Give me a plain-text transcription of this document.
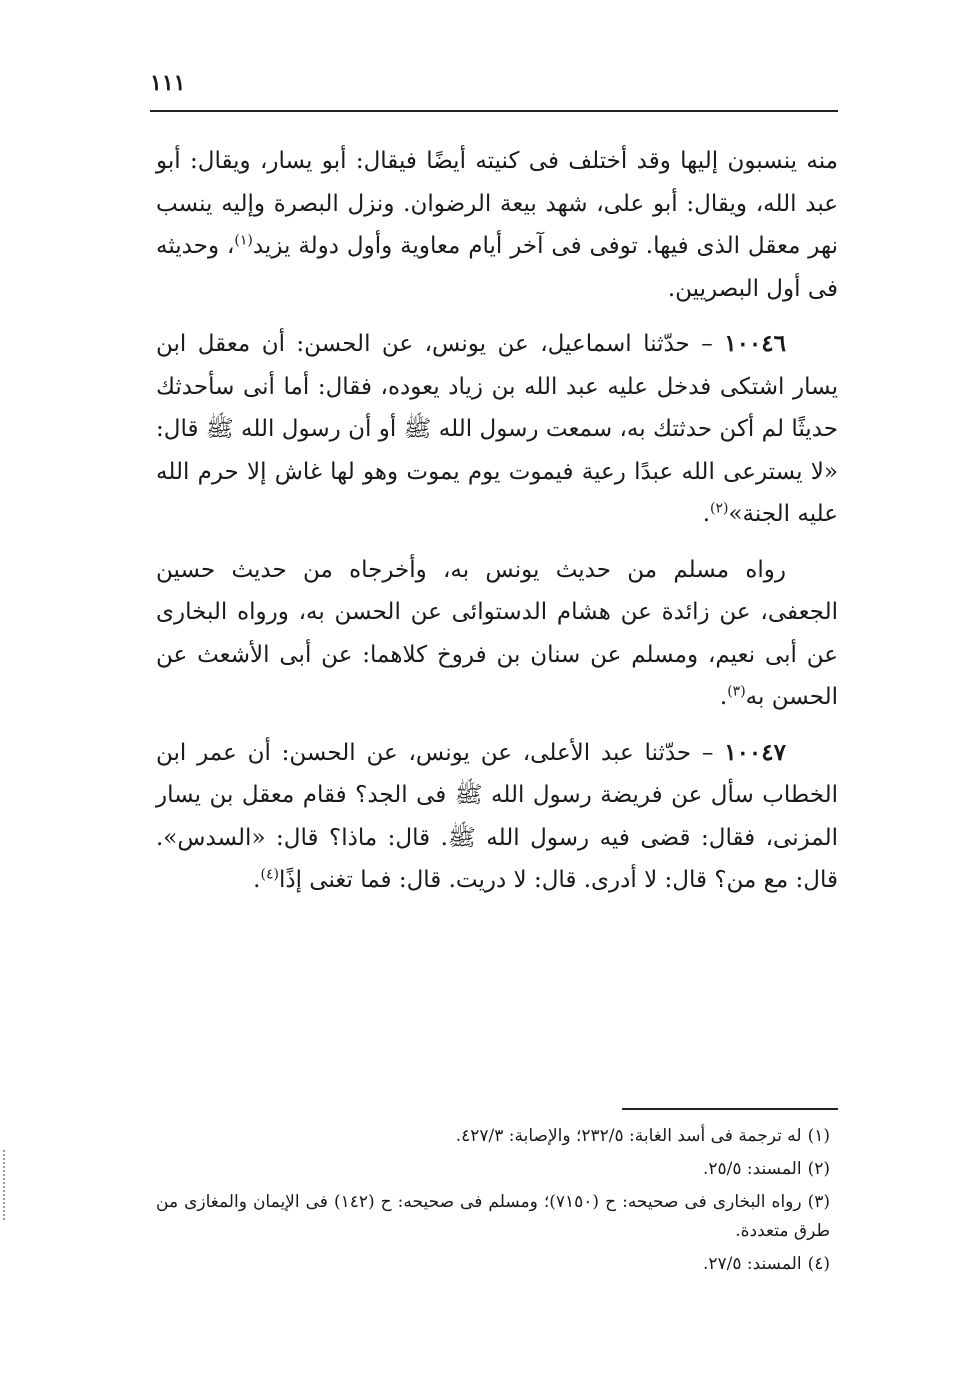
١١١

منه ينسبون إليها وقد أختلف فى كنيته أيضًا فيقال: أبو يسار، ويقال: أبو عبد الله، ويقال: أبو على، شهد بيعة الرضوان. ونزل البصرة وإليه ينسب نهر معقل الذى فيها. توفى فى آخر أيام معاوية وأول دولة يزيد$^{(١)}$، وحديثه فى أول البصريين.

١٠٠٤٦ – حدّثنا اسماعيل، عن يونس، عن الحسن: أن معقل ابن يسار اشتكى فدخل عليه عبد الله بن زياد يعوده، فقال: أما أنى سأحدثك حديثًا لم أكن حدثتك به، سمعت رسول الله ﷺ أو أن رسول الله ﷺ قال: «لا يسترعى الله عبدًا رعية فيموت يوم يموت وهو لها غاش إلا حرم الله عليه الجنة»$^{(٢)}$.

رواه مسلم من حديث يونس به، وأخرجاه من حديث حسين الجعفى، عن زائدة عن هشام الدستوائى عن الحسن به، ورواه البخارى عن أبى نعيم، ومسلم عن سنان بن فروخ كلاهما: عن أبى الأشعث عن الحسن به$^{(٣)}$.

١٠٠٤٧ – حدّثنا عبد الأعلى، عن يونس، عن الحسن: أن عمر ابن الخطاب سأل عن فريضة رسول الله ﷺ فى الجد؟ فقام معقل بن يسار المزنى، فقال: قضى فيه رسول الله ﷺ. قال: ماذا؟ قال: «السدس». قال: مع من؟ قال: لا أدرى. قال: لا دريت. قال: فما تغنى إذًا$^{(٤)}$.

(١)له ترجمة فى أسد الغابة: ٢٣٢/٥؛ والإصابة: ٤٢٧/٣.
(٢)المسند: ٢٥/٥.
(٣)رواه البخارى فى صحيحه: ح (٧١٥٠)؛ ومسلم فى صحيحه: ح (١٤٢) فى الإيمان والمغازى من طرق متعددة.
(٤)المسند: ٢٧/٥.
